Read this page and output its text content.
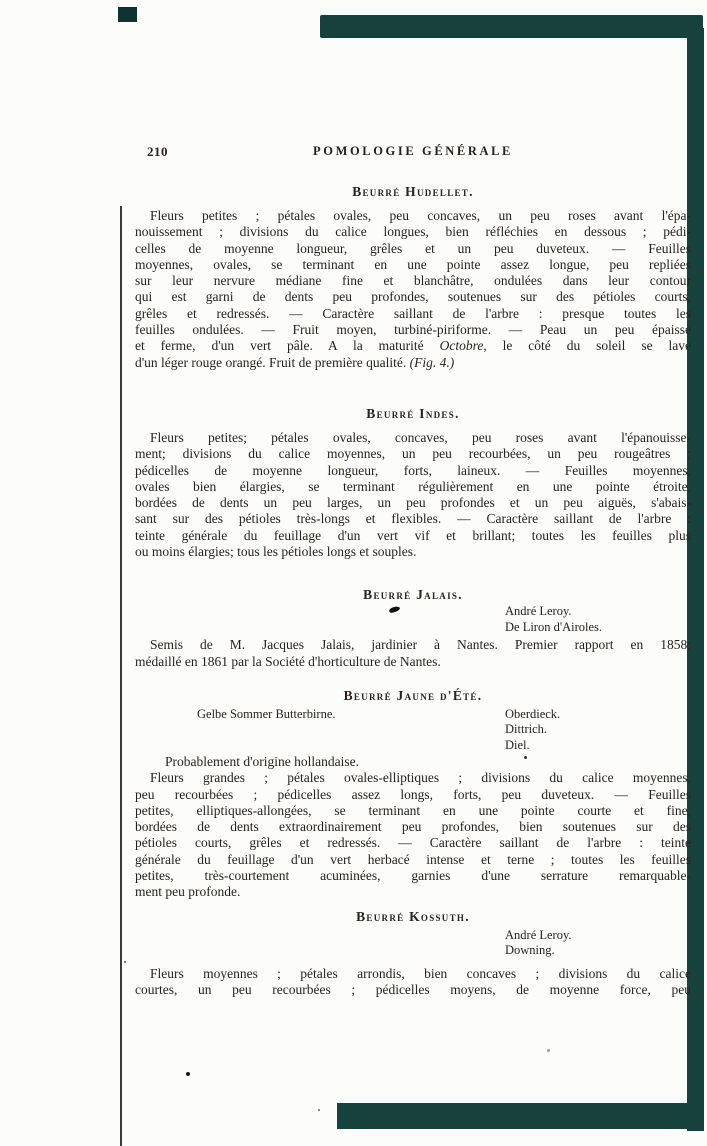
210	POMOLOGIE GÉNÉRALE
Beurré Hudellet.
Fleurs petites ; pétales ovales, peu concaves, un peu roses avant l'épa-
nouissement ; divisions du calice longues, bien réfléchies en dessous ; pédi-
celles de moyenne longueur, grêles et un peu duveteux. — Feuilles
moyennes, ovales, se terminant en une pointe assez longue, peu repliées
sur leur nervure médiane fine et blanchâtre, ondulées dans leur contour
qui est garni de dents peu profondes, soutenues sur des pétioles courts,
grêles et redressés. — Caractère saillant de l'arbre : presque toutes les
feuilles ondulées. — Fruit moyen, turbiné-piriforme. — Peau un peu épaisse
et ferme, d'un vert pâle. A la maturité Octobre, le côté du soleil se lave
d'un léger rouge orangé. Fruit de première qualité. (Fig. 4.)
Beurré Indes.
Fleurs petites; pétales ovales, concaves, peu roses avant l'épanouisse-
ment; divisions du calice moyennes, un peu recourbées, un peu rougeâtres ;
pédicelles de moyenne longueur, forts, laineux. — Feuilles moyennes,
ovales bien élargies, se terminant régulièrement en une pointe étroite,
bordées de dents un peu larges, un peu profondes et un peu aiguës, s'abais-
sant sur des pétioles très-longs et flexibles. — Caractère saillant de l'arbre :
teinte générale du feuillage d'un vert vif et brillant; toutes les feuilles plus
ou moins élargies; tous les pétioles longs et souples.
Beurré Jalais.
André Leroy.
De Liron d'Airoles.
Semis de M. Jacques Jalais, jardinier à Nantes. Premier rapport en 1858;
médaillé en 1861 par la Société d'horticulture de Nantes.
Beurré Jaune d'Été.
Gelbe Sommer Butterbirne.	Oberdieck.
Dittrich.
Diel.
Probablement d'origine hollandaise.
Fleurs grandes ; pétales ovales-elliptiques ; divisions du calice moyennes,
peu recourbées ; pédicelles assez longs, forts, peu duveteux. — Feuilles
petites, elliptiques-allongées, se terminant en une pointe courte et fine,
bordées de dents extraordinairement peu profondes, bien soutenues sur des
pétioles courts, grêles et redressés. — Caractère saillant de l'arbre : teinte
générale du feuillage d'un vert herbacé intense et terne ; toutes les feuilles
petites, très-courtement acuminées, garnies d'une serrature remarquable-
ment peu profonde.
Beurré Kossuth.
André Leroy.
Downing.
Fleurs moyennes ; pétales arrondis, bien concaves ; divisions du calice
courtes, un peu recourbées ; pédicelles moyens, de moyenne force, peu
